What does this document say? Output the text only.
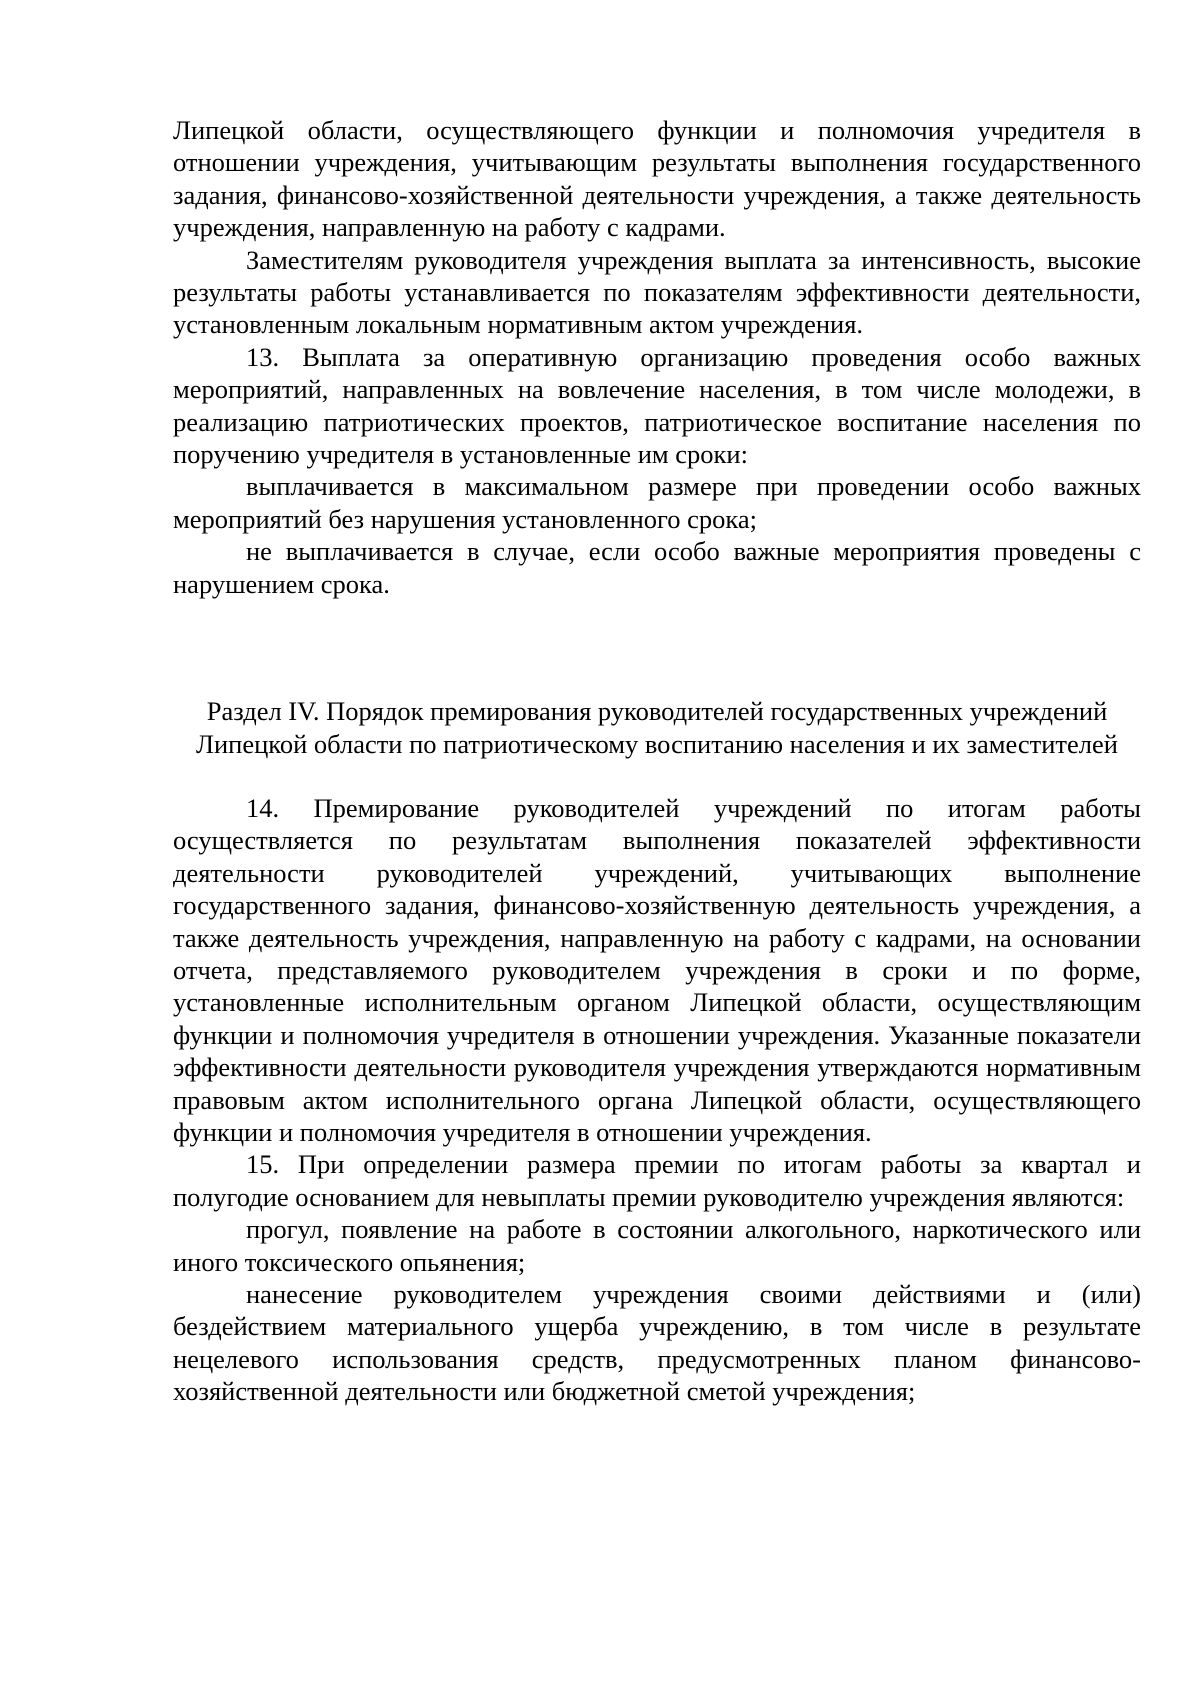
Липецкой области, осуществляющего функции и полномочия учредителя в отношении учреждения, учитывающим результаты выполнения государственного задания, финансово-хозяйственной деятельности учреждения, а также деятельность учреждения, направленную на работу с кадрами.

Заместителям руководителя учреждения выплата за интенсивность, высокие результаты работы устанавливается по показателям эффективности деятельности, установленным локальным нормативным актом учреждения.

13. Выплата за оперативную организацию проведения особо важных мероприятий, направленных на вовлечение населения, в том числе молодежи, в реализацию патриотических проектов, патриотическое воспитание населения по поручению учредителя в установленные им сроки:

выплачивается в максимальном размере при проведении особо важных мероприятий без нарушения установленного срока;

не выплачивается в случае, если особо важные мероприятия проведены с нарушением срока.

Раздел IV. Порядок премирования руководителей государственных учреждений Липецкой области по патриотическому воспитанию населения и их заместителей

14. Премирование руководителей учреждений по итогам работы осуществляется по результатам выполнения показателей эффективности деятельности руководителей учреждений, учитывающих выполнение государственного задания, финансово-хозяйственную деятельность учреждения, а также деятельность учреждения, направленную на работу с кадрами, на основании отчета, представляемого руководителем учреждения в сроки и по форме, установленные исполнительным органом Липецкой области, осуществляющим функции и полномочия учредителя в отношении учреждения. Указанные показатели эффективности деятельности руководителя учреждения утверждаются нормативным правовым актом исполнительного органа Липецкой области, осуществляющего функции и полномочия учредителя в отношении учреждения.

15. При определении размера премии по итогам работы за квартал и полугодие основанием для невыплаты премии руководителю учреждения являются:

прогул, появление на работе в состоянии алкогольного, наркотического или иного токсического опьянения;

нанесение руководителем учреждения своими действиями и (или) бездействием материального ущерба учреждению, в том числе в результате нецелевого использования средств, предусмотренных планом финансово-хозяйственной деятельности или бюджетной сметой учреждения;
